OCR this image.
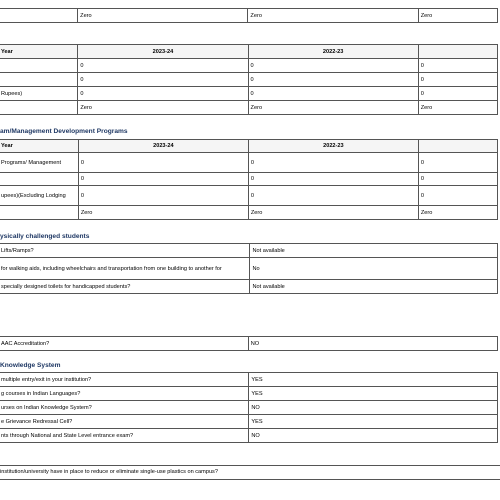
	Zero	Zero	Zero
Year	2023-24	2022-23	
	0	0	0
	0	0	0
Rupees)	0	0	0
	Zero	Zero	Zero
am/Management Development Programs
Year	2023-24	2022-23	
Programs/ Management	0	0	0
	0	0	0
upees)(Excluding Lodging	0	0	0
	Zero	Zero	Zero
ysically challenged students
Lifts/Ramps?	Not available
for walking aids, including wheelchairs and transportation from one building to another for	No
specially designed toilets for handicapped students?	Not available
AAC Accreditation?	NO
Knowledge System
multiple entry/exit in your institution?	YES
g courses in Indian Languages?	YES
urses on Indian Knowledge System?	NO
e Grievance Redressal Cell?	YES
nts through National and State Level entrance exam?	NO
institution/university have in place to reduce or eliminate single-use plastics on campus?
